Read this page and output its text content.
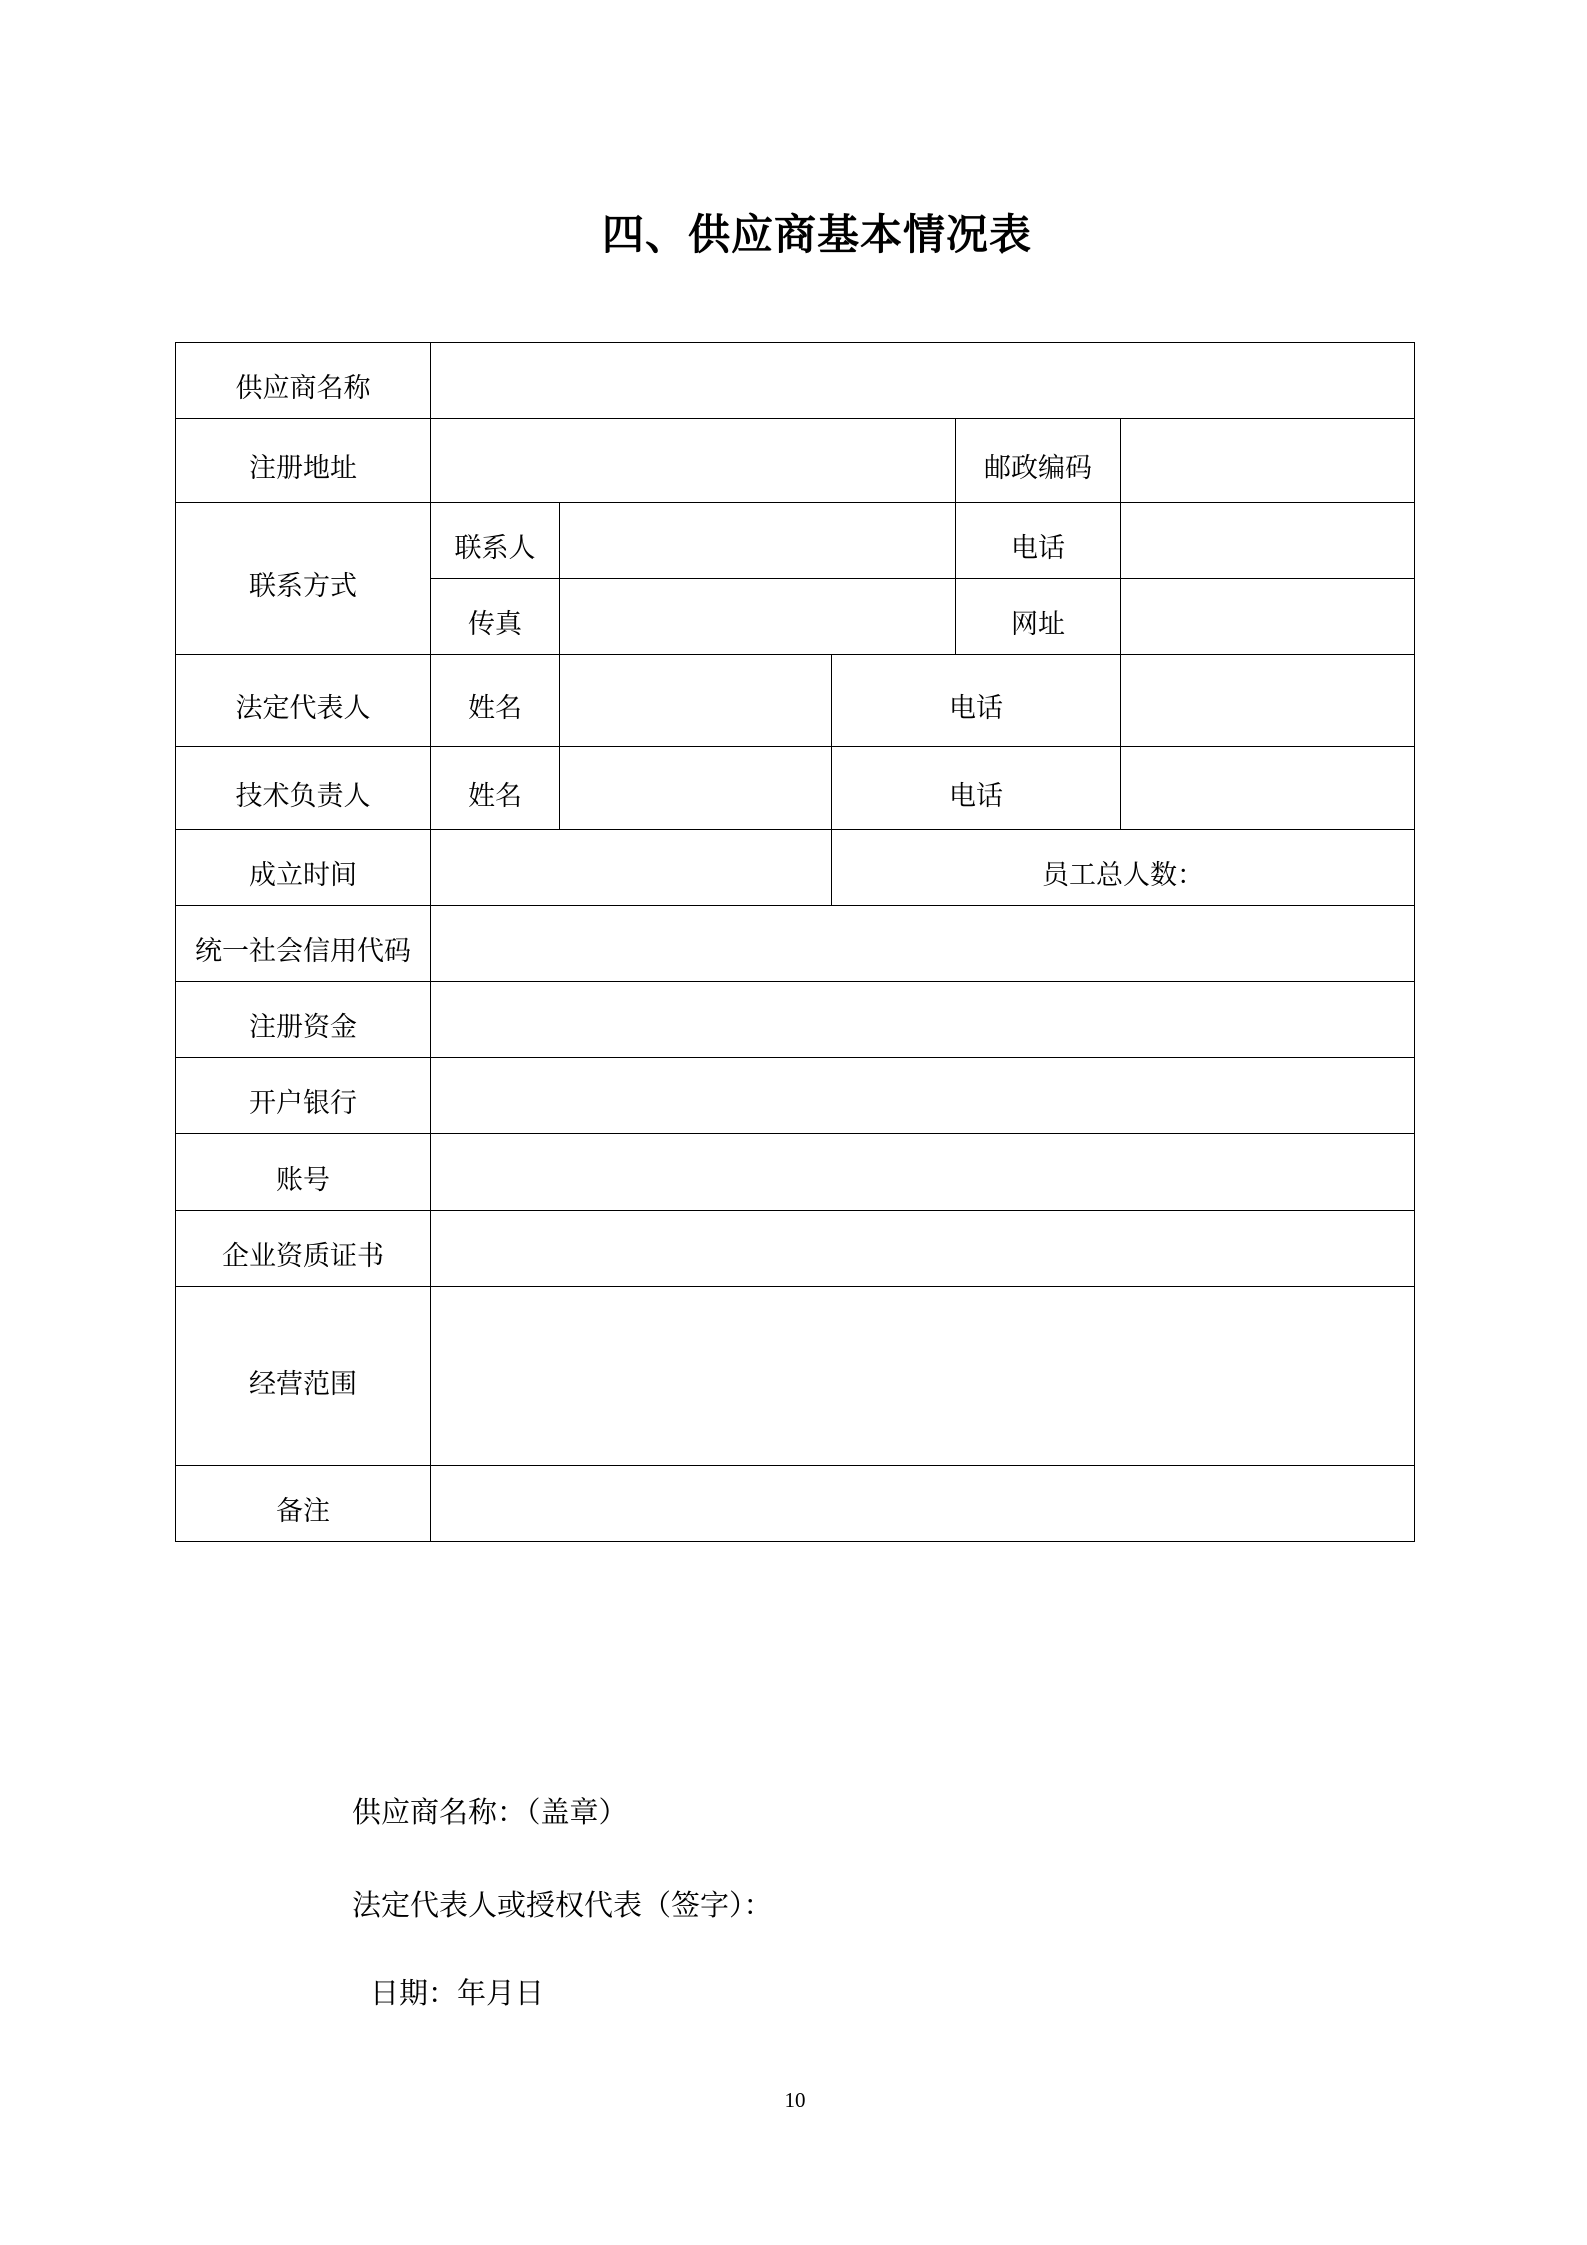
四、供应商基本情况表
供应商名称					
注册地址				邮政编码	
联系方式	联系人			电话	
	传真			网址	
法定代表人	姓名		电话		
技术负责人	姓名		电话		
成立时间			员工总人数：		
统一社会信用代码					
注册资金					
开户银行					
账号					
企业资质证书					
经营范围					
备注					
供应商名称：（盖章）
法定代表人或授权代表（签字）：
日期：年月日
10
